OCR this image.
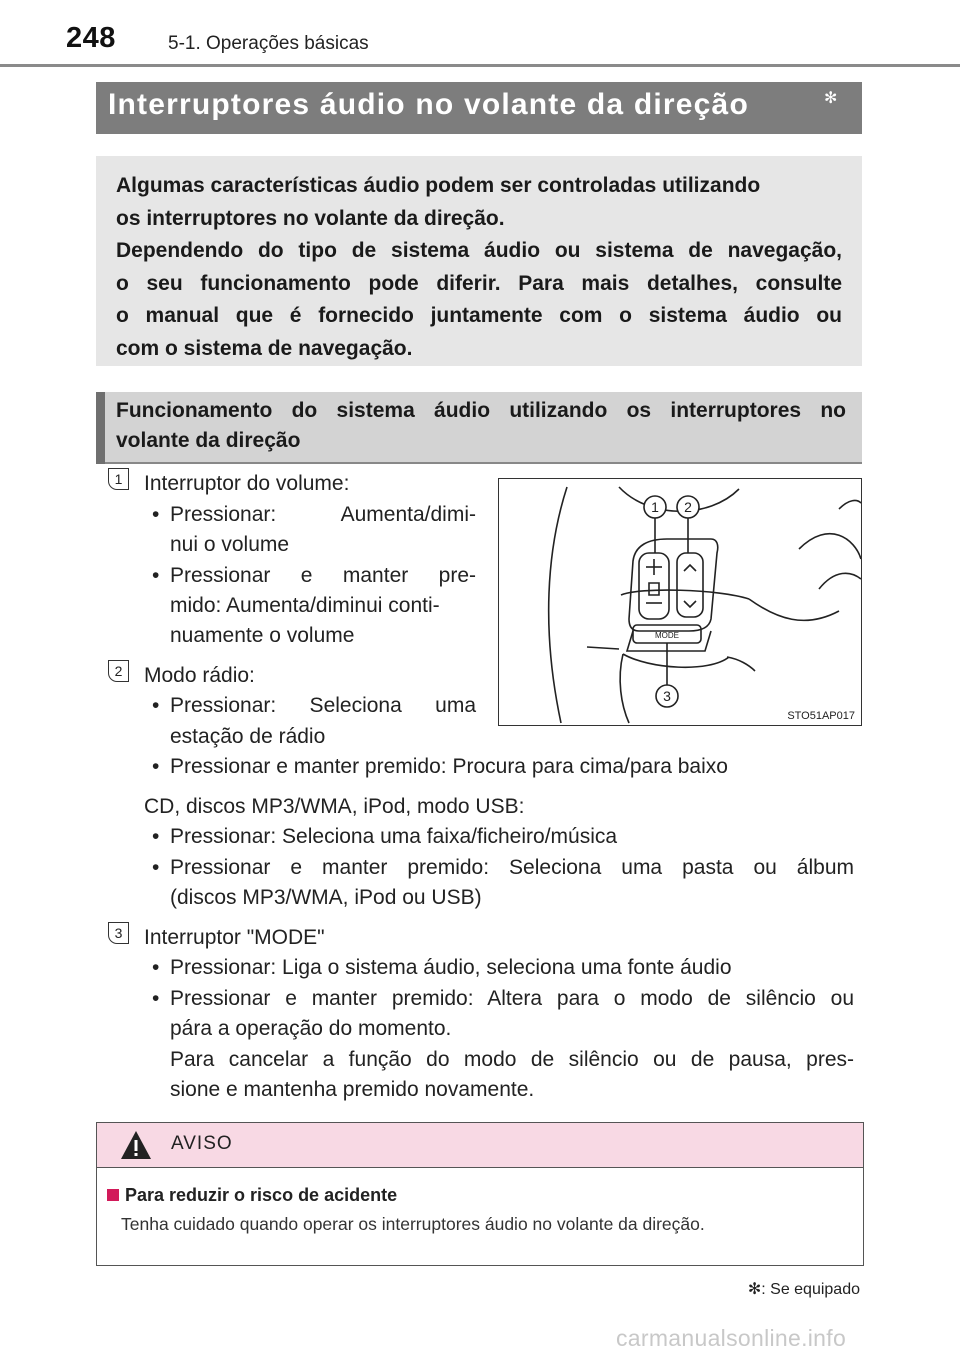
248	5-1. Operações básicas
Interruptores áudio no volante da direção	✻

Algumas características áudio podem ser controladas utilizando
os interruptores no volante da direção.

Dependendo do tipo de sistema áudio ou sistema de navegação,

o seu funcionamento pode diferir. Para mais detalhes, consulte

o manual que é fornecido juntamente com o sistema áudio ou

com o sistema de navegação.

Funcionamento do sistema áudio utilizando os interruptores no
volante da direção
1	Interruptor do volume:
• Pressionar: Aumenta/dimi-
nui o volume
• Pressionar e manter pre-
mido: Aumenta/diminui conti-
nuamente o volume
2	Modo rádio:
• Pressionar: Seleciona uma
estação de rádio
• Pressionar e manter premido: Procura para cima/para baixo
CD, discos MP3/WMA, iPod, modo USB:
• Pressionar: Seleciona uma faixa/ficheiro/música
• Pressionar e manter premido: Seleciona uma pasta ou álbum
(discos MP3/WMA, iPod ou USB)
3	Interruptor "MODE"
• Pressionar: Liga o sistema áudio, seleciona uma fonte áudio
• Pressionar e manter premido: Altera para o modo de silêncio ou
pára a operação do momento.
Para cancelar a função do modo de silêncio ou de pausa, pres-
sione e mantenha premido novamente.
1 2
3
MODE
STO51AP017
AVISO
Para reduzir o risco de acidente
Tenha cuidado quando operar os interruptores áudio no volante da direção.
✻: Se equipado
carmanualsonline.info
